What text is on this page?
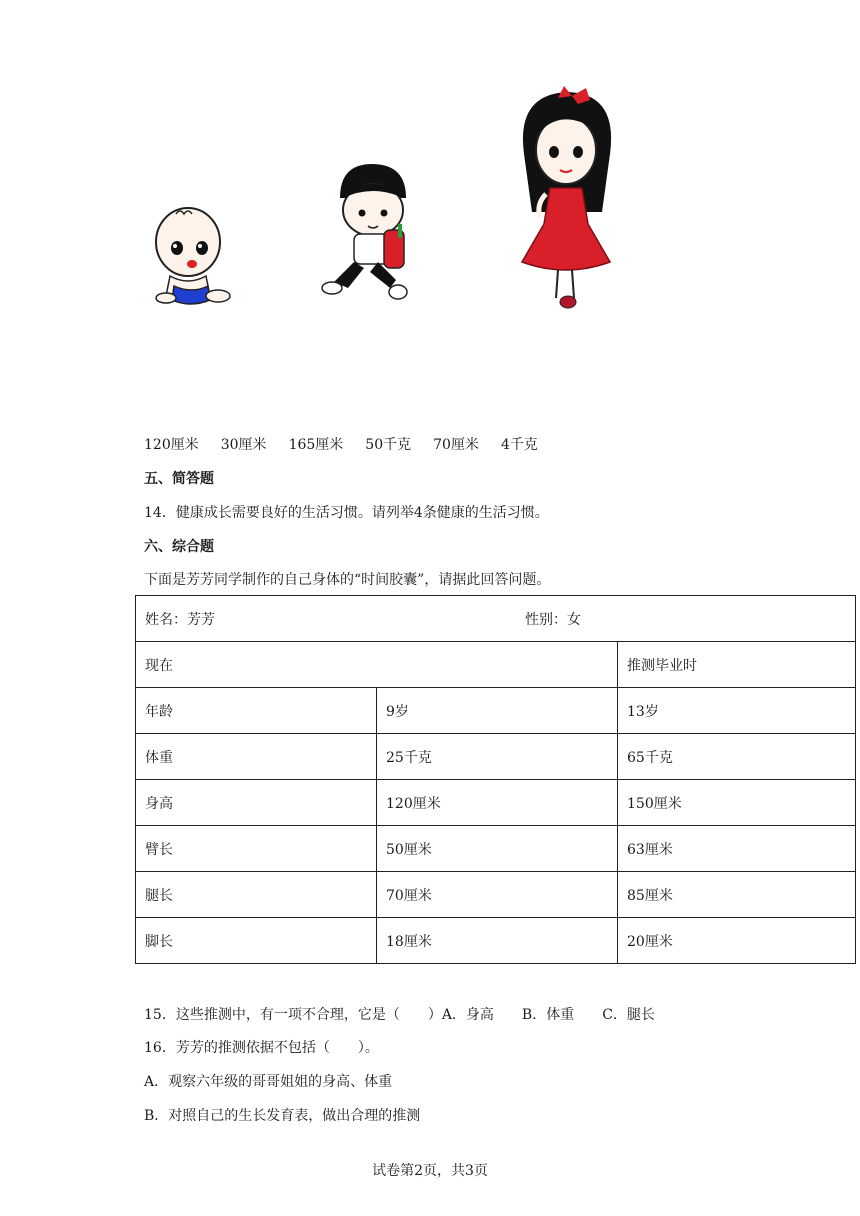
120厘米 30厘米 165厘米 50千克 70厘米 4千克
五、简答题
14．健康成长需要良好的生活习惯。请列举4条健康的生活习惯。
六、综合题
下面是芳芳同学制作的自己身体的“时间胶囊”，请据此回答问题。
姓名：芳芳 性别：女		
现在		推测毕业时
年龄	9岁	13岁
体重	25千克	65千克
身高	120厘米	150厘米
臂长	50厘米	63厘米
腿长	70厘米	85厘米
脚长	18厘米	20厘米
15．这些推测中，有一项不合理，它是（　　）A．身高　　B．体重　　C．腿长
16．芳芳的推测依据不包括（　　）。
A．观察六年级的哥哥姐姐的身高、体重
B．对照自己的生长发育表，做出合理的推测
试卷第2页，共3页
